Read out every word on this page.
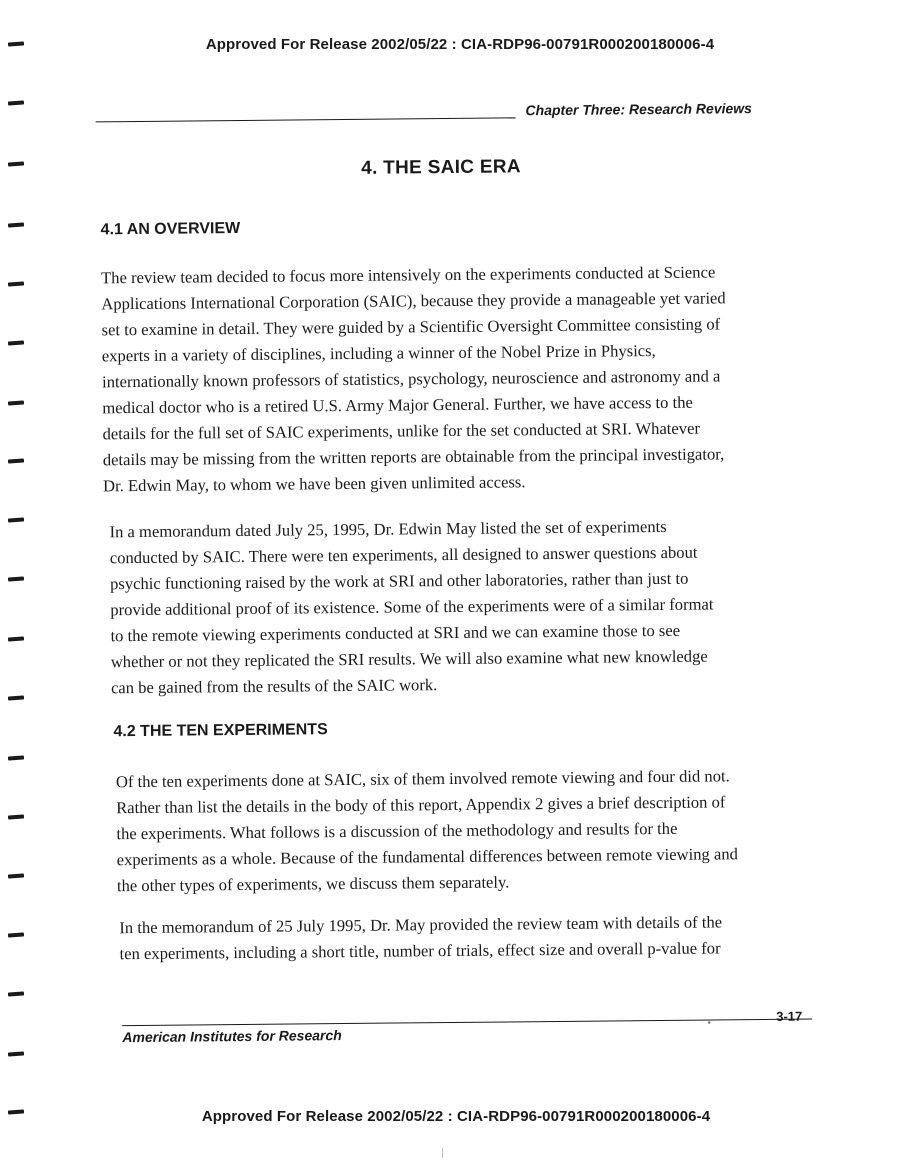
Approved For Release 2002/05/22 : CIA-RDP96-00791R000200180006-4
Chapter Three: Research Reviews
4. THE SAIC ERA
4.1 AN OVERVIEW

The review team decided to focus more intensively on the experiments conducted at Science
Applications International Corporation (SAIC), because they provide a manageable yet varied
set to examine in detail. They were guided by a Scientific Oversight Committee consisting of
experts in a variety of disciplines, including a winner of the Nobel Prize in Physics,
internationally known professors of statistics, psychology, neuroscience and astronomy and a
medical doctor who is a retired U.S. Army Major General. Further, we have access to the
details for the full set of SAIC experiments, unlike for the set conducted at SRI. Whatever
details may be missing from the written reports are obtainable from the principal investigator,
Dr. Edwin May, to whom we have been given unlimited access.

In a memorandum dated July 25, 1995, Dr. Edwin May listed the set of experiments
conducted by SAIC. There were ten experiments, all designed to answer questions about
psychic functioning raised by the work at SRI and other laboratories, rather than just to
provide additional proof of its existence. Some of the experiments were of a similar format
to the remote viewing experiments conducted at SRI and we can examine those to see
whether or not they replicated the SRI results. We will also examine what new knowledge
can be gained from the results of the SAIC work.

4.2 THE TEN EXPERIMENTS

Of the ten experiments done at SAIC, six of them involved remote viewing and four did not.
Rather than list the details in the body of this report, Appendix 2 gives a brief description of
the experiments. What follows is a discussion of the methodology and results for the
experiments as a whole. Because of the fundamental differences between remote viewing and
the other types of experiments, we discuss them separately.

In the memorandum of 25 July 1995, Dr. May provided the review team with details of the
ten experiments, including a short title, number of trials, effect size and overall p-value for

American Institutes for Research
3-17
Approved For Release 2002/05/22 : CIA-RDP96-00791R000200180006-4
